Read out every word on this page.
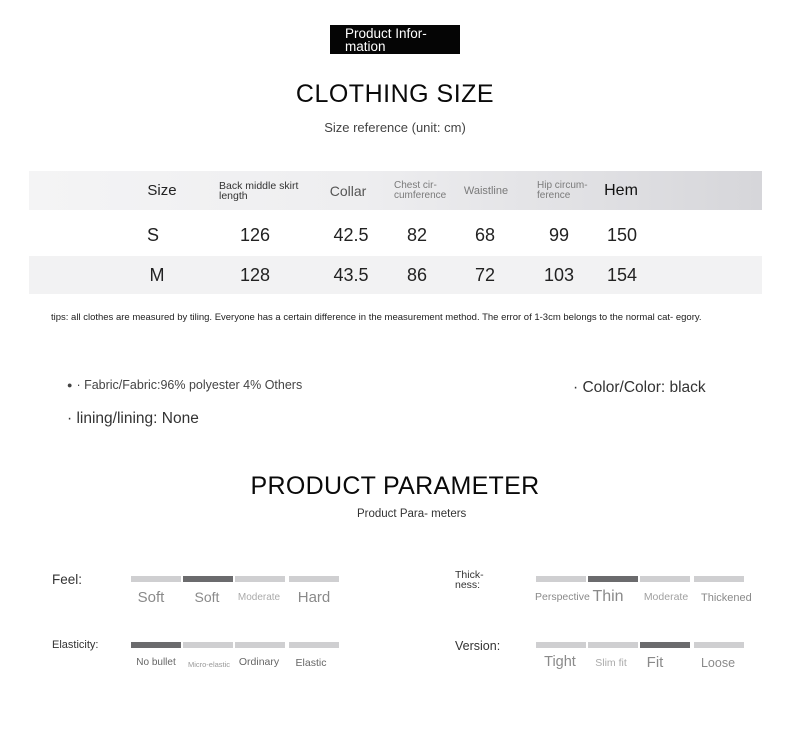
Product Infor- mation
CLOTHING SIZE
Size reference (unit: cm)
Size	Back middle skirt length	Collar	Chest cir- cumference	Waistline	Hip circum- ference	Hem
S	126	42.5	82	68	99	150
M	128	43.5	86	72	103	154
tips: all clothes are measured by tiling. Everyone has a certain difference in the measurement method. The error of 1-3cm belongs to the normal cat- egory.
● · Fabric/Fabric:96% polyester 4% Others	· Color/Color: black
· lining/lining: None
PRODUCT PARAMETER
Product Para- meters
Feel:
Soft	Soft	Moderate	Hard
Thick- ness:
Perspective Thin	Moderate Thickened
Elasticity:
No bullet	Micro-elastic Ordinary	Elastic
Version:
Tight	Slim fit	Fit	Loose
